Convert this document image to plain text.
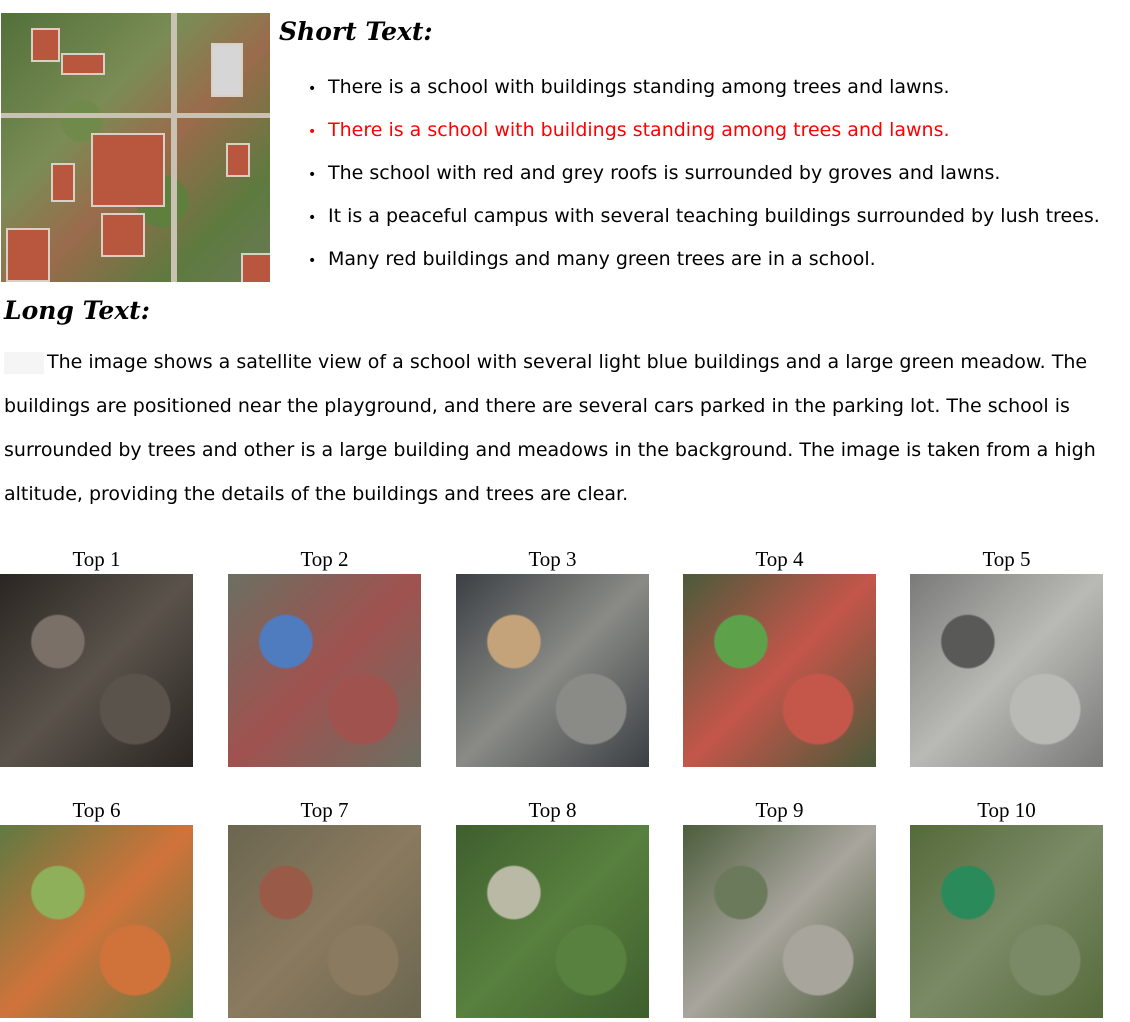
Short Text:
• There is a school with buildings standing among trees and lawns.
• There is a school with buildings standing among trees and lawns.
• The school with red and grey roofs is surrounded by groves and lawns.
• It is a peaceful campus with several teaching buildings surrounded by lush trees.
• Many red buildings and many green trees are in a school.
Long Text:
The image shows a satellite view of a school with several light blue buildings and a large green meadow. The buildings are positioned near the playground, and there are several cars parked in the parking lot. The school is surrounded by trees and other is a large building and meadows in the background. The image is taken from a high altitude, providing the details of the buildings and trees are clear.
Top 1	Top 2	Top 3	Top 4	Top 5
Top 6	Top 7	Top 8	Top 9	Top 10
